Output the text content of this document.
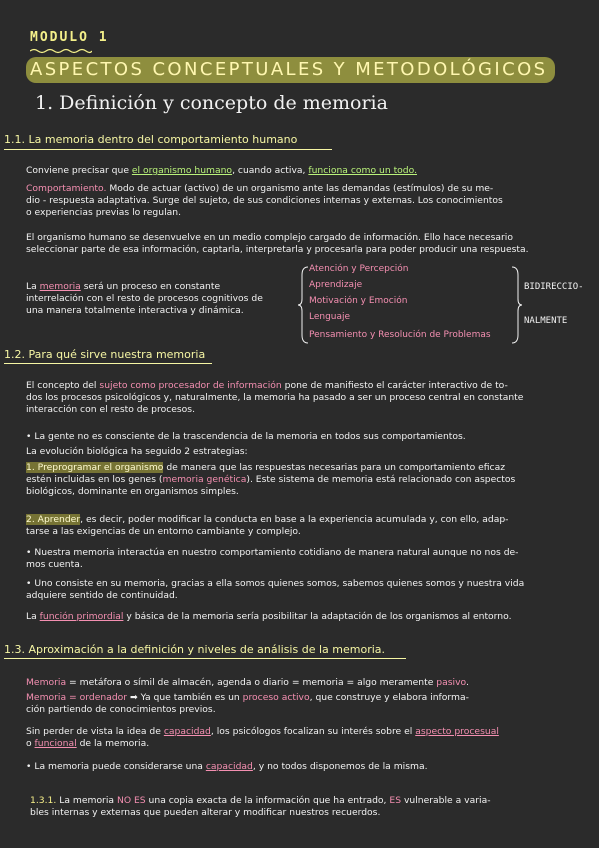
MODULO 1
ASPECTOS CONCEPTUALES Y METODOLÓGICOS
1. Definición y concepto de memoria
1.1. La memoria dentro del comportamiento humano
Conviene precisar que el organismo humano, cuando activa, funciona como un todo.
Comportamiento. Modo de actuar (activo) de un organismo ante las demandas (estímulos) de su me-
dio - respuesta adaptativa. Surge del sujeto, de sus condiciones internas y externas. Los conocimientos
o experiencias previas lo regulan.
El organismo humano se desenvuelve en un medio complejo cargado de información. Ello hace necesario
seleccionar parte de esa información, captarla, interpretarla y procesarla para poder producir una respuesta.
La memoria será un proceso en constante
interrelación con el resto de procesos cognitivos de
una manera totalmente interactiva y dinámica.
Atención y Percepción
Aprendizaje
Motivación y Emoción
Lenguaje
Pensamiento y Resolución de Problemas
BIDIRECCIO-
NALMENTE
1.2. Para qué sirve nuestra memoria
El concepto del sujeto como procesador de información pone de manifiesto el carácter interactivo de to-
dos los procesos psicológicos y, naturalmente, la memoria ha pasado a ser un proceso central en constante
interacción con el resto de procesos.
• La gente no es consciente de la trascendencia de la memoria en todos sus comportamientos.
La evolución biológica ha seguido 2 estrategias:
1. Preprogramar el organismo de manera que las respuestas necesarias para un comportamiento eficaz
estén incluidas en los genes (memoria genética). Este sistema de memoria está relacionado con aspectos
biológicos, dominante en organismos simples.
2. Aprender, es decir, poder modificar la conducta en base a la experiencia acumulada y, con ello, adap-
tarse a las exigencias de un entorno cambiante y complejo.
• Nuestra memoria interactúa en nuestro comportamiento cotidiano de manera natural aunque no nos de-
mos cuenta.
• Uno consiste en su memoria, gracias a ella somos quienes somos, sabemos quienes somos y nuestra vida
adquiere sentido de continuidad.
La función primordial y básica de la memoria sería posibilitar la adaptación de los organismos al entorno.
1.3. Aproximación a la definición y niveles de análisis de la memoria.
Memoria = metáfora o símil de almacén, agenda o diario = memoria = algo meramente pasivo.
Memoria = ordenador ➡ Ya que también es un proceso activo, que construye y elabora informa-
ción partiendo de conocimientos previos.
Sin perder de vista la idea de capacidad, los psicólogos focalizan su interés sobre el aspecto procesual
o funcional de la memoria.
• La memoria puede considerarse una capacidad, y no todos disponemos de la misma.
1.3.1. La memoria NO ES una copia exacta de la información que ha entrado, ES vulnerable a varia-
bles internas y externas que pueden alterar y modificar nuestros recuerdos.
